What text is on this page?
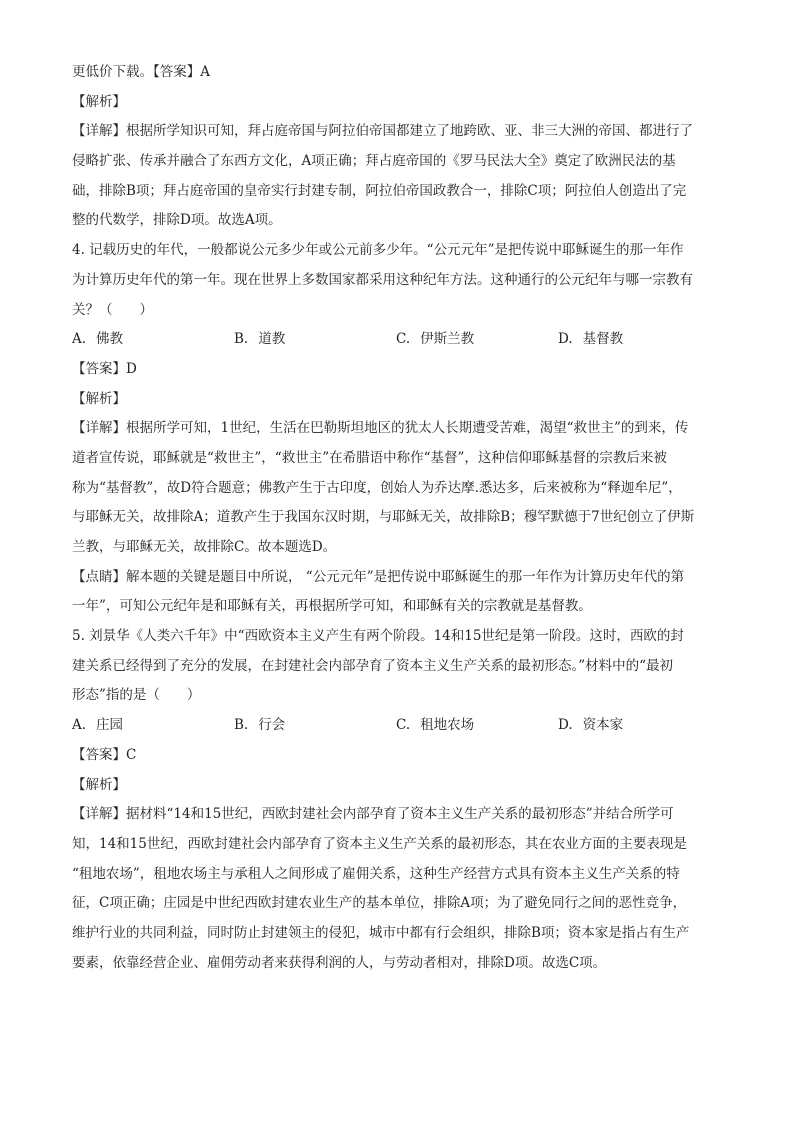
更低价下载。【答案】A
【解析】
【详解】根据所学知识可知，拜占庭帝国与阿拉伯帝国都建立了地跨欧、亚、非三大洲的帝国、都进行了
侵略扩张、传承并融合了东西方文化，A项正确；拜占庭帝国的《罗马民法大全》奠定了欧洲民法的基
础，排除B项；拜占庭帝国的皇帝实行封建专制，阿拉伯帝国政教合一，排除C项；阿拉伯人创造出了完
整的代数学，排除D项。故选A项。
4. 记载历史的年代，一般都说公元多少年或公元前多少年。“公元元年”是把传说中耶稣诞生的那一年作
为计算历史年代的第一年。现在世界上多数国家都采用这种纪年方法。这种通行的公元纪年与哪一宗教有
关？（　　）
A. 佛教	B. 道教	C. 伊斯兰教	D. 基督教
【答案】D
【解析】
【详解】根据所学可知，1世纪，生活在巴勒斯坦地区的犹太人长期遭受苦难，渴望“救世主”的到来，传
道者宣传说，耶稣就是“救世主”，“救世主”在希腊语中称作“基督”，这种信仰耶稣基督的宗教后来被
称为“基督教”，故D符合题意；佛教产生于古印度，创始人为乔达摩.悉达多，后来被称为“释迦牟尼”，
与耶稣无关，故排除A；道教产生于我国东汉时期，与耶稣无关，故排除B；穆罕默德于7世纪创立了伊斯
兰教，与耶稣无关，故排除C。故本题选D。
【点睛】解本题的关键是题目中所说， “公元元年”是把传说中耶稣诞生的那一年作为计算历史年代的第
一年”，可知公元纪年是和耶稣有关，再根据所学可知，和耶稣有关的宗教就是基督教。
5. 刘景华《人类六千年》中“西欧资本主义产生有两个阶段。14和15世纪是第一阶段。这时，西欧的封
建关系已经得到了充分的发展，在封建社会内部孕育了资本主义生产关系的最初形态。”材料中的“最初
形态”指的是（　　）
A. 庄园	B. 行会	C. 租地农场	D. 资本家
【答案】C
【解析】
【详解】据材料“14和15世纪，西欧封建社会内部孕育了资本主义生产关系的最初形态”并结合所学可
知，14和15世纪，西欧封建社会内部孕育了资本主义生产关系的最初形态，其在农业方面的主要表现是
“租地农场”，租地农场主与承租人之间形成了雇佣关系，这种生产经营方式具有资本主义生产关系的特
征，C项正确；庄园是中世纪西欧封建农业生产的基本单位，排除A项；为了避免同行之间的恶性竞争，
维护行业的共同利益，同时防止封建领主的侵犯，城市中都有行会组织，排除B项；资本家是指占有生产
要素，依靠经营企业、雇佣劳动者来获得利润的人，与劳动者相对，排除D项。故选C项。
